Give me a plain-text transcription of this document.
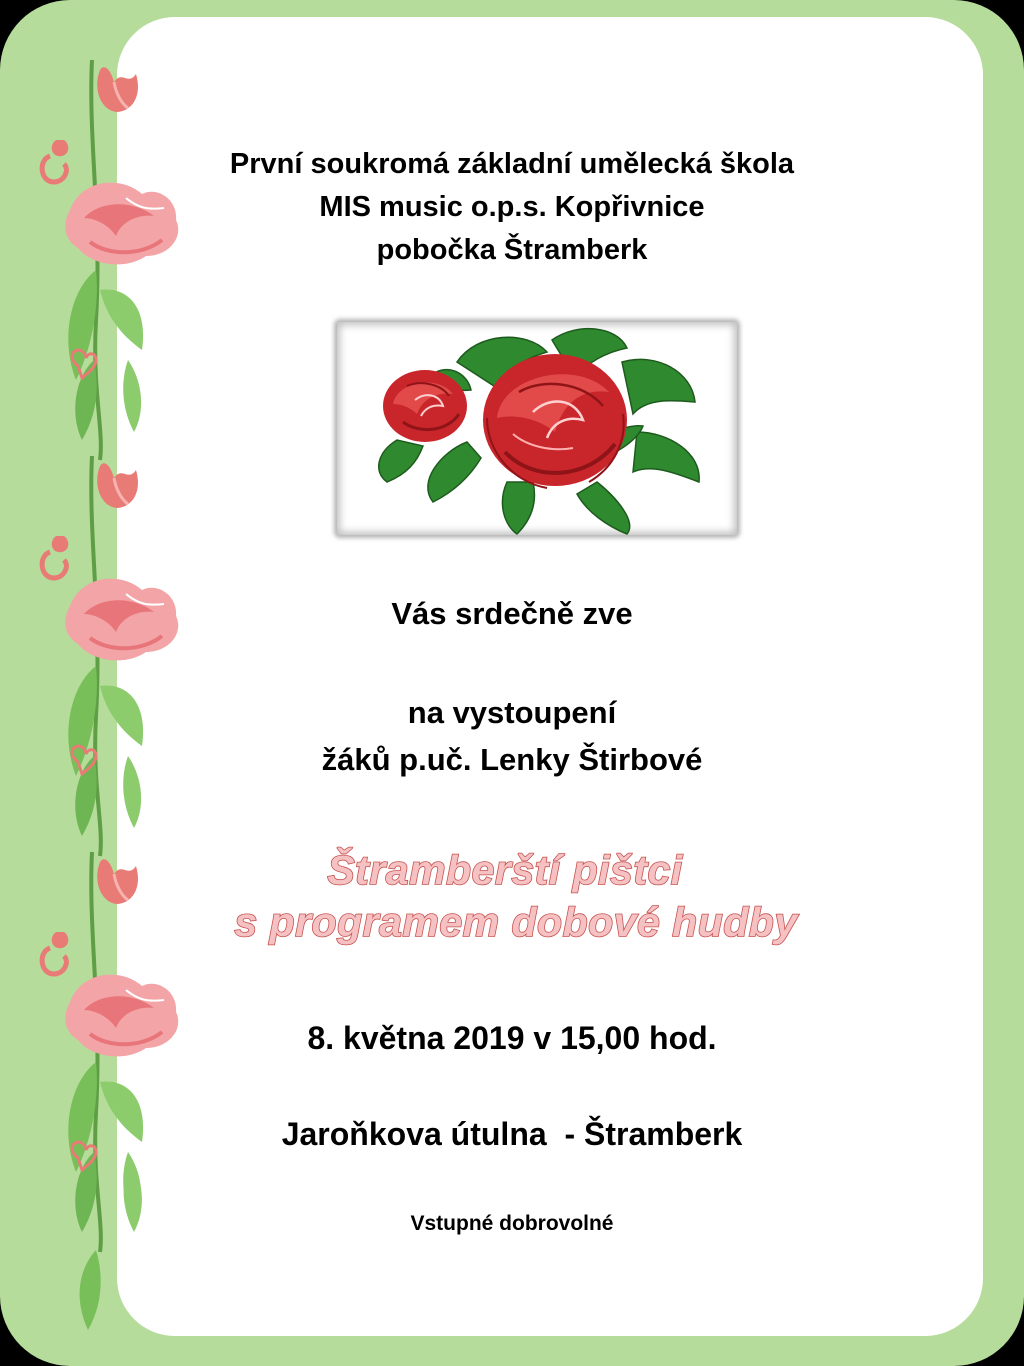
První soukromá základní umělecká škola

MIS music o.p.s. Kopřivnice

pobočka Štramberk

Vás srdečně zve

na vystoupení

žáků p.uč. Lenky Štirbové

Štramberští pištci

s programem dobové hudby

8. května 2019 v 15,00 hod.

Jaroňkova útulna  - Štramberk

Vstupné dobrovolné
